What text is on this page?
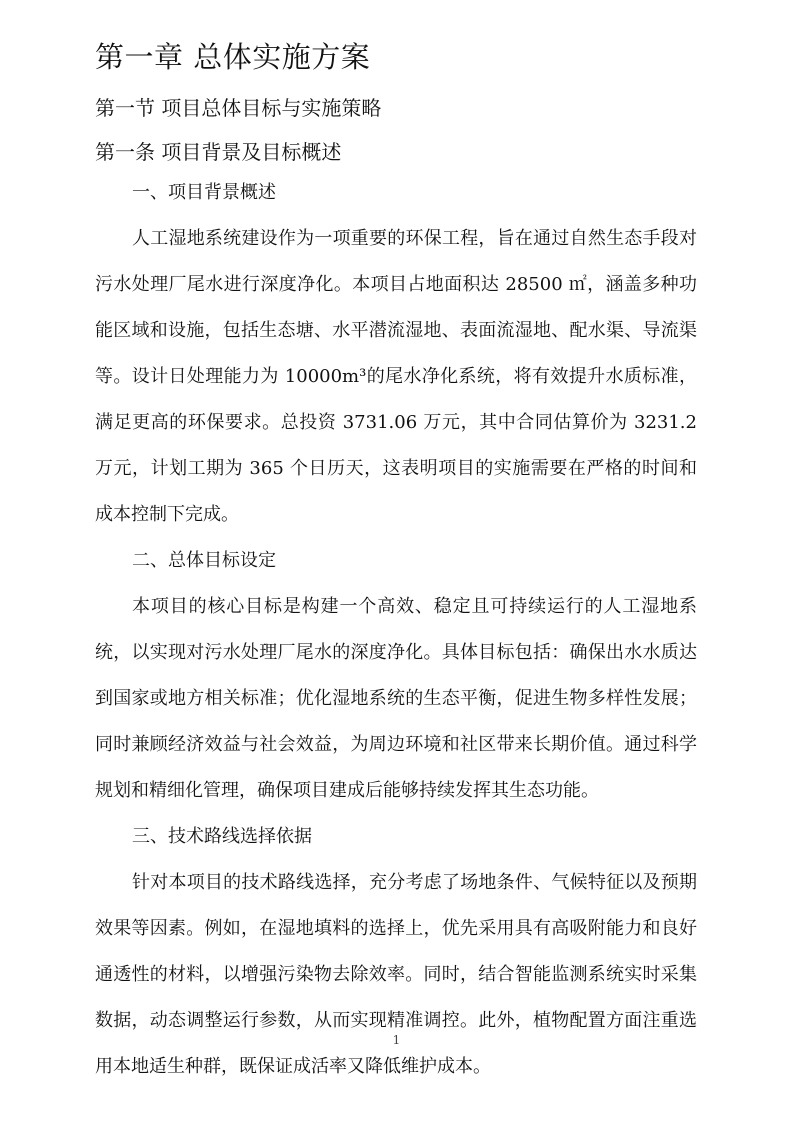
第一章 总体实施方案
第一节 项目总体目标与实施策略
第一条 项目背景及目标概述
一、项目背景概述

人工湿地系统建设作为一项重要的环保工程，旨在通过自然生态手段对污水处理厂尾水进行深度净化。本项目占地面积达 28500 ㎡，涵盖多种功能区域和设施，包括生态塘、水平潜流湿地、表面流湿地、配水渠、导流渠等。设计日处理能力为 10000m³的尾水净化系统，将有效提升水质标准，满足更高的环保要求。总投资 3731.06 万元，其中合同估算价为 3231.2 万元，计划工期为 365 个日历天，这表明项目的实施需要在严格的时间和成本控制下完成。

二、总体目标设定

本项目的核心目标是构建一个高效、稳定且可持续运行的人工湿地系统，以实现对污水处理厂尾水的深度净化。具体目标包括：确保出水水质达到国家或地方相关标准；优化湿地系统的生态平衡，促进生物多样性发展；同时兼顾经济效益与社会效益，为周边环境和社区带来长期价值。通过科学规划和精细化管理，确保项目建成后能够持续发挥其生态功能。

三、技术路线选择依据

针对本项目的技术路线选择，充分考虑了场地条件、气候特征以及预期效果等因素。例如，在湿地填料的选择上，优先采用具有高吸附能力和良好通透性的材料，以增强污染物去除效率。同时，结合智能监测系统实时采集数据，动态调整运行参数，从而实现精准调控。此外，植物配置方面注重选用本地适生种群，既保证成活率又降低维护成本。

1
